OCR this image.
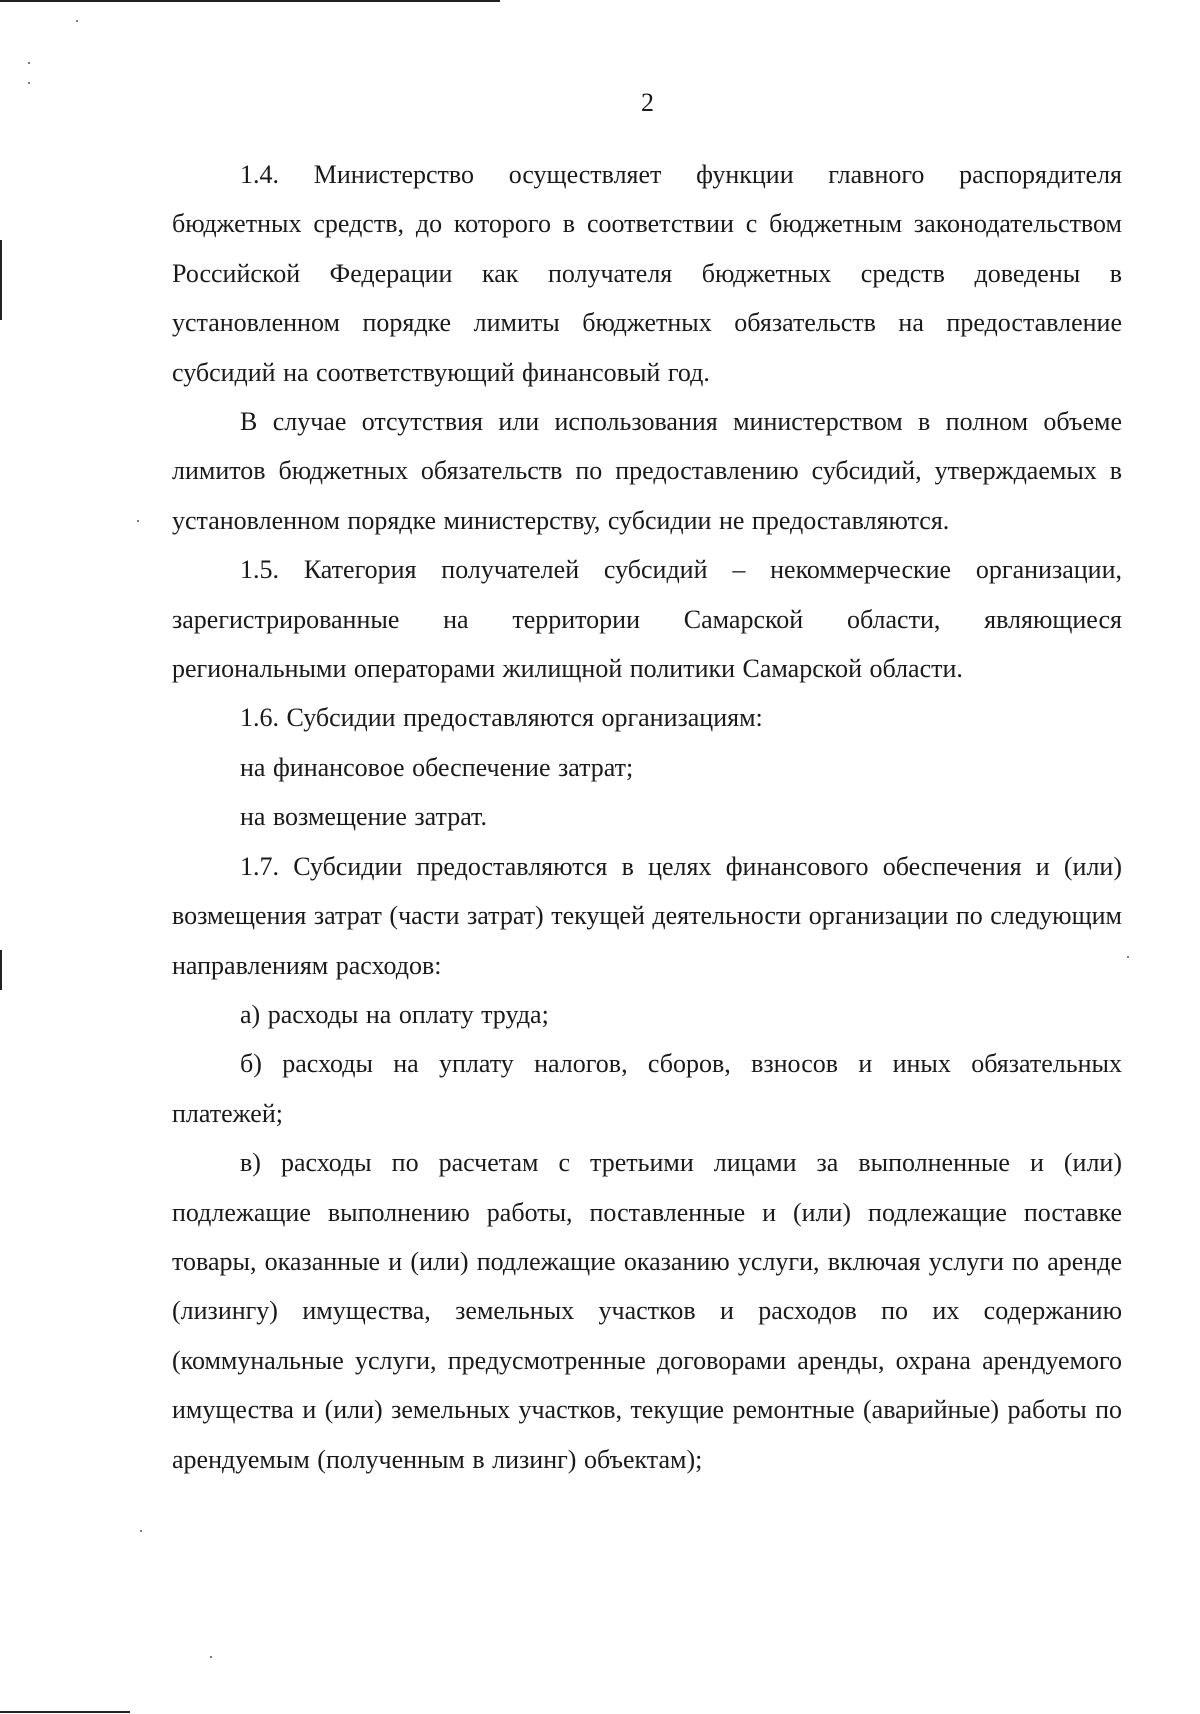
2

1.4. Министерство осуществляет функции главного распорядителя бюджетных средств, до которого в соответствии с бюджетным законодательством Российской Федерации как получателя бюджетных средств доведены в установленном порядке лимиты бюджетных обязательств на предоставление субсидий на соответствующий финансовый год.

В случае отсутствия или использования министерством в полном объеме лимитов бюджетных обязательств по предоставлению субсидий, утверждаемых в установленном порядке министерству, субсидии не предоставляются.

1.5. Категория получателей субсидий – некоммерческие организации, зарегистрированные на территории Самарской области, являющиеся региональными операторами жилищной политики Самарской области.

1.6. Субсидии предоставляются организациям:

на финансовое обеспечение затрат;

на возмещение затрат.

1.7. Субсидии предоставляются в целях финансового обеспечения и (или) возмещения затрат (части затрат) текущей деятельности организации по следующим направлениям расходов:

а) расходы на оплату труда;

б) расходы на уплату налогов, сборов, взносов и иных обязательных платежей;

в) расходы по расчетам с третьими лицами за выполненные и (или) подлежащие выполнению работы, поставленные и (или) подлежащие поставке товары, оказанные и (или) подлежащие оказанию услуги, включая услуги по аренде (лизингу) имущества, земельных участков и расходов по их содержанию (коммунальные услуги, предусмотренные договорами аренды, охрана арендуемого имущества и (или) земельных участков, текущие ремонтные (аварийные) работы по арендуемым (полученным в лизинг) объектам);
